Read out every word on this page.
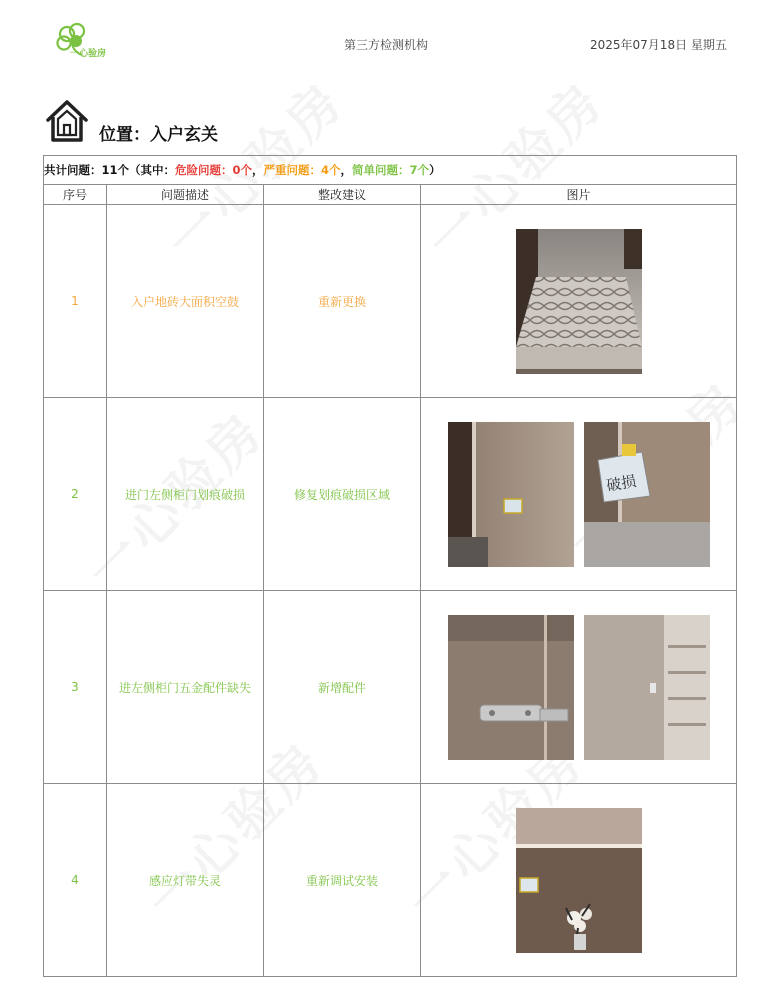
一心验房
第三方检测机构	2025年07月18日 星期五
位置：入户玄关
共计问题：11个（其中：危险问题：0个，严重问题：4个，简单问题：7个）			
序号	问题描述	整改建议	图片
1	入户地砖大面积空鼓	重新更换	

2	进门左侧柜门划痕破损	修复划痕破损区域	破损

3	进左侧柜门五金配件缺失	新增配件	

4	感应灯带失灵	重新调试安装	
